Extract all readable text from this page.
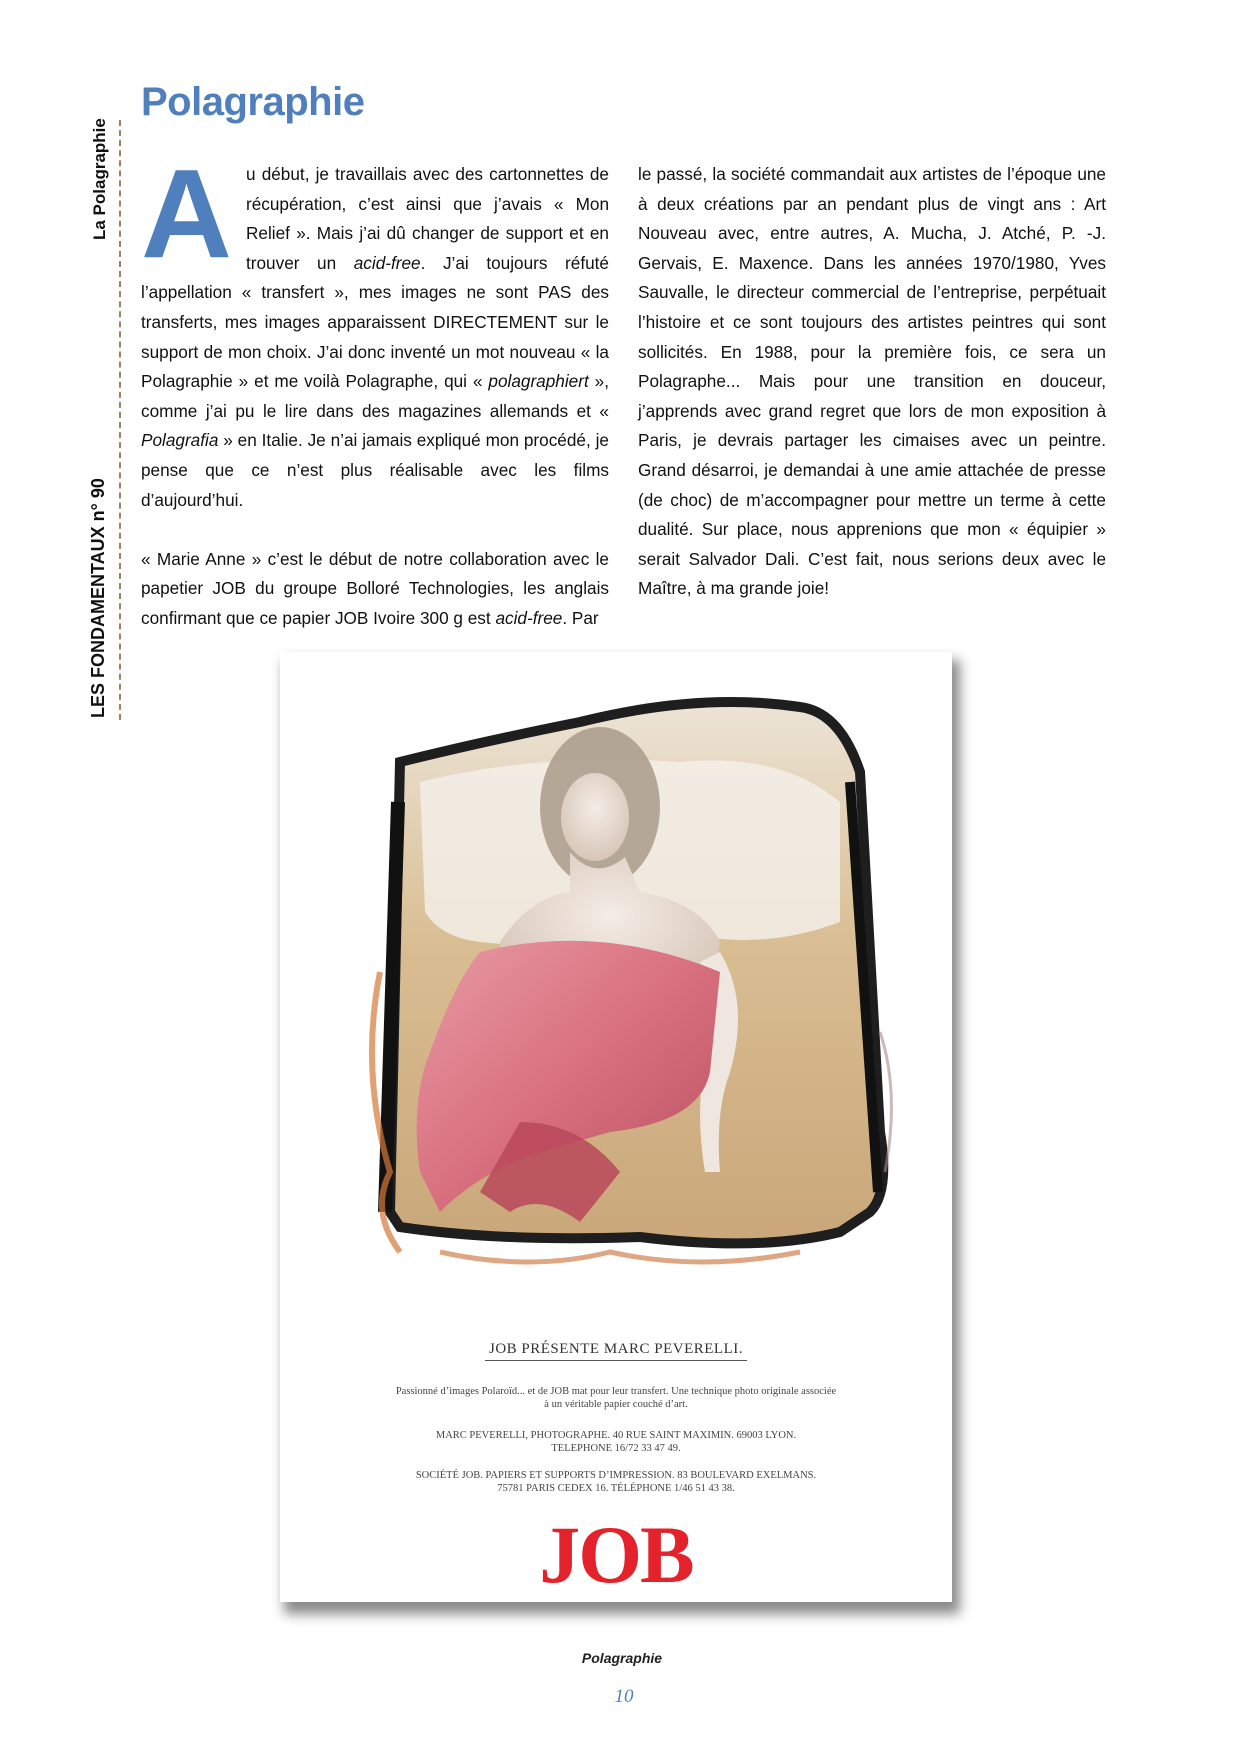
La Polagraphie
LES FONDAMENTAUX n° 90
Polagraphie

Au début, je travaillais avec des cartonnettes de récupération, c’est ainsi que j’avais « Mon Relief ». Mais j’ai dû changer de support et en trouver un acid-free. J’ai toujours réfuté l’appellation « transfert », mes images ne sont PAS des transferts, mes images apparaissent DIRECTEMENT sur le support de mon choix. J’ai donc inventé un mot nouveau « la Polagraphie » et me voilà Polagraphe, qui « polagraphiert », comme j’ai pu le lire dans des magazines allemands et « Polagrafia » en Italie. Je n’ai jamais expliqué mon procédé, je pense que ce n’est plus réalisable avec les films d’aujourd’hui.

« Marie Anne » c’est le début de notre collaboration avec le papetier JOB du groupe Bolloré Technologies, les anglais confirmant que ce papier JOB Ivoire 300 g est acid-free. Par

le passé, la société commandait aux artistes de l’époque une à deux créations par an pendant plus de vingt ans : Art Nouveau avec, entre autres, A. Mucha, J. Atché, P. -J. Gervais, E. Maxence. Dans les années 1970/1980, Yves Sauvalle, le directeur commercial de l’entreprise, perpétuait l’histoire et ce sont toujours des artistes peintres qui sont sollicités. En 1988, pour la première fois, ce sera un Polagraphe... Mais pour une transition en douceur, j’apprends avec grand regret que lors de mon exposition à Paris, je devrais partager les cimaises avec un peintre. Grand désarroi, je demandai à une amie attachée de presse (de choc) de m’accompagner pour mettre un terme à cette dualité. Sur place, nous apprenions que mon « équipier » serait Salvador Dali. C’est fait, nous serions deux avec le Maître, à ma grande joie!

JOB PRÉSENTE MARC PEVERELLI.
Passionné d’images Polaroïd... et de JOB mat pour leur transfert. Une technique photo originale associée
à un véritable papier couché d’art.
MARC PEVERELLI, PHOTOGRAPHE. 40 RUE SAINT MAXIMIN. 69003 LYON.
TELEPHONE 16/72 33 47 49.
SOCIÉTÉ JOB. PAPIERS ET SUPPORTS D’IMPRESSION. 83 BOULEVARD EXELMANS.
75781 PARIS CEDEX 16. TÉLÉPHONE 1/46 51 43 38.
JOB
Polagraphie
10
